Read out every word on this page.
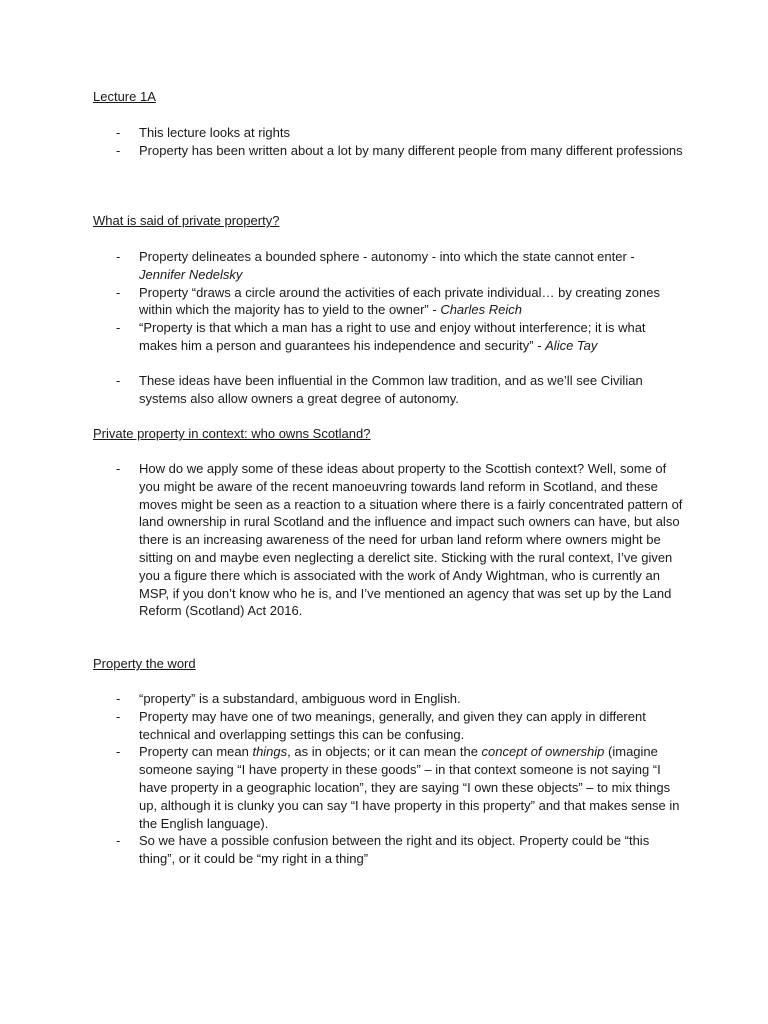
Lecture 1A

- This lecture looks at rights
- Property has been written about a lot by many different people from many different professions

What is said of private property?

- Property delineates a bounded sphere - autonomy - into which the state cannot enter - Jennifer Nedelsky
- Property “draws a circle around the activities of each private individual… by creating zones within which the majority has to yield to the owner” - Charles Reich
- “Property is that which a man has a right to use and enjoy without interference; it is what makes him a person and guarantees his independence and security” - Alice Tay
- These ideas have been influential in the Common law tradition, and as we’ll see Civilian systems also allow owners a great degree of autonomy.

Private property in context: who owns Scotland?

- How do we apply some of these ideas about property to the Scottish context? Well, some of you might be aware of the recent manoeuvring towards land reform in Scotland, and these moves might be seen as a reaction to a situation where there is a fairly concentrated pattern of land ownership in rural Scotland and the influence and impact such owners can have, but also there is an increasing awareness of the need for urban land reform where owners might be sitting on and maybe even neglecting a derelict site. Sticking with the rural context, I’ve given you a figure there which is associated with the work of Andy Wightman, who is currently an MSP, if you don’t know who he is, and I’ve mentioned an agency that was set up by the Land Reform (Scotland) Act 2016.

Property the word

- “property” is a substandard, ambiguous word in English.
- Property may have one of two meanings, generally, and given they can apply in different technical and overlapping settings this can be confusing.
- Property can mean things, as in objects; or it can mean the concept of ownership (imagine someone saying “I have property in these goods” – in that context someone is not saying “I have property in a geographic location”, they are saying “I own these objects” – to mix things up, although it is clunky you can say “I have property in this property” and that makes sense in the English language).
- So we have a possible confusion between the right and its object. Property could be “this thing”, or it could be “my right in a thing”
